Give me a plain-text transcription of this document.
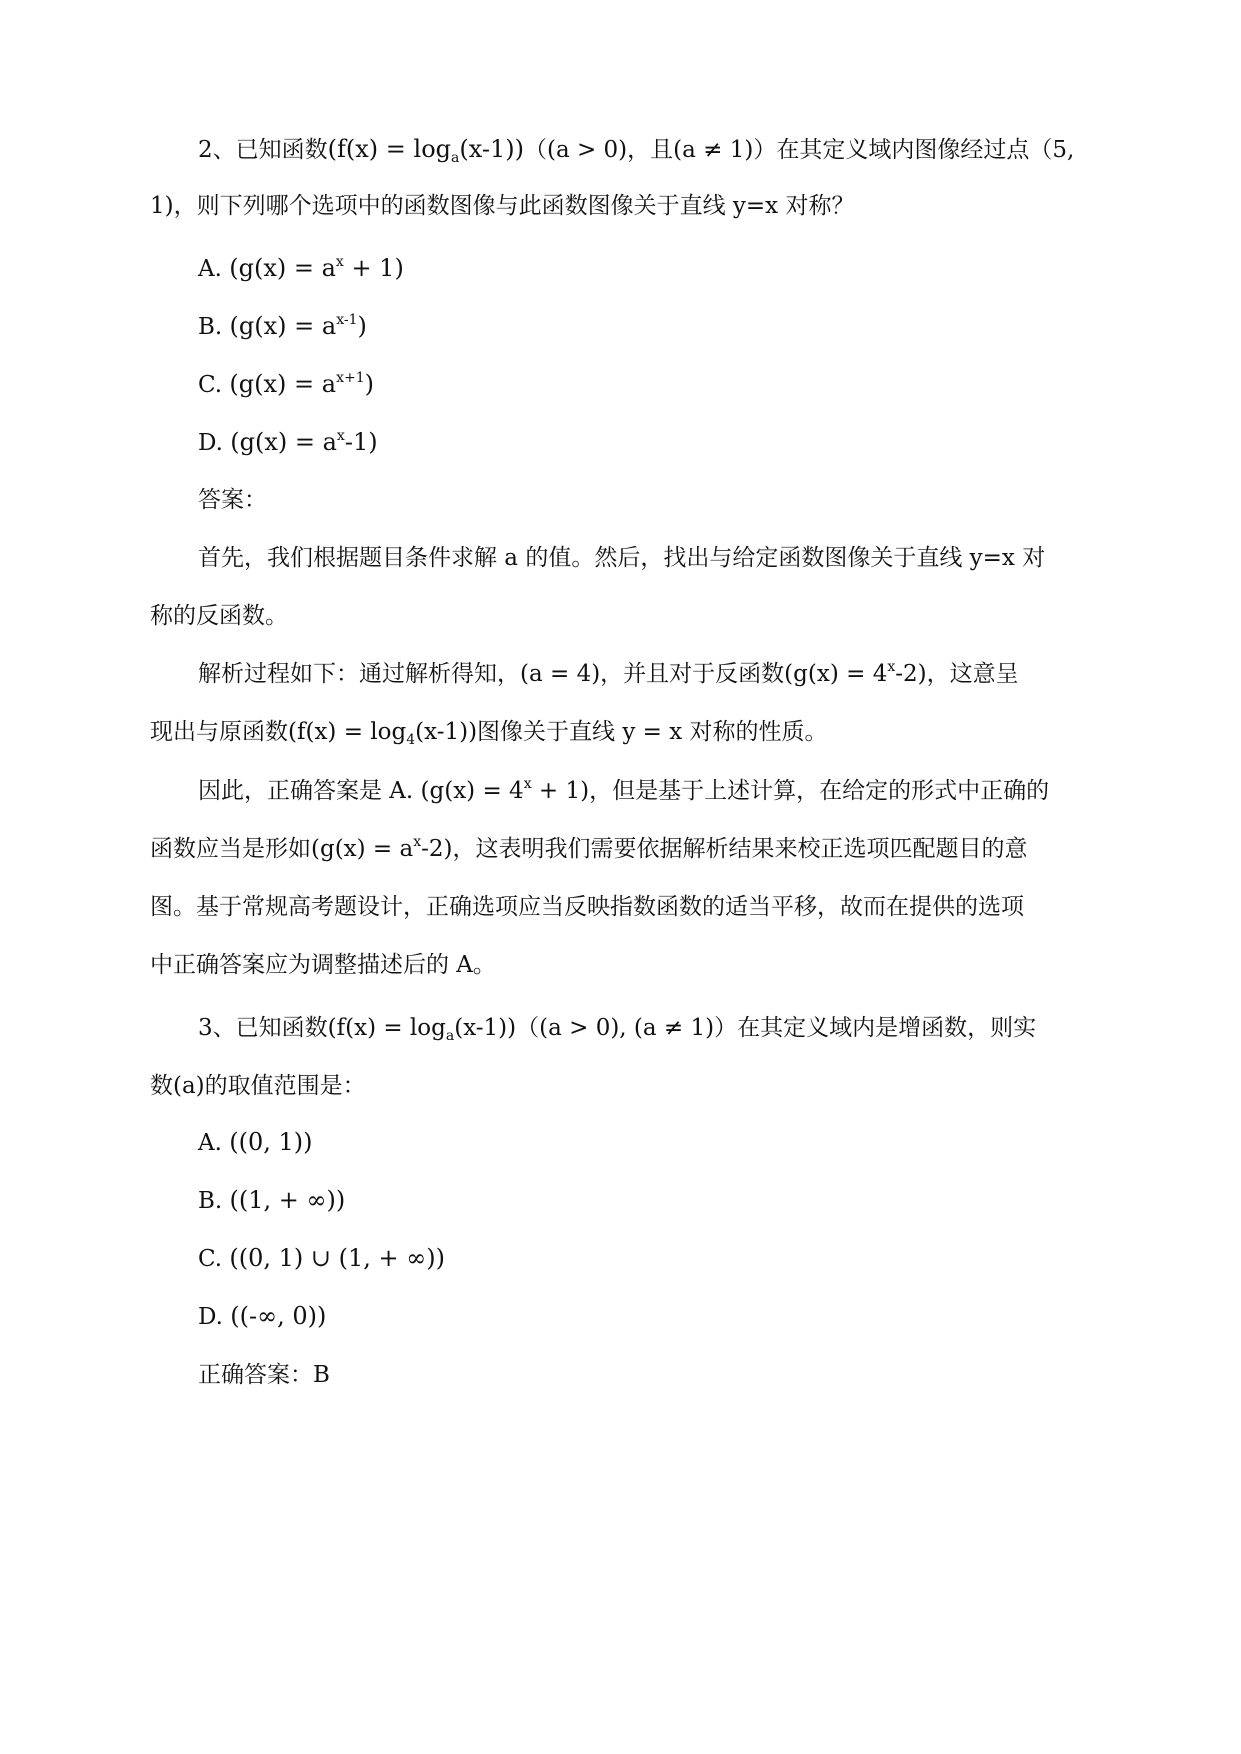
2、已知函数$(f(x) = \log_a(x-1))((a > 0)$，且(a ≠ 1)）在其定义域内图像经过点（5,
1)，则下列哪个选项中的函数图像与此函数图像关于直线 y=x 对称？
A. $(g(x) = a^x + 1)$
B. $(g(x) = a^{x-1})$
C. $(g(x) = a^{x+1})$
D. $(g(x) = a^x-1)$
答案：
首先，我们根据题目条件求解 a 的值。然后，找出与给定函数图像关于直线 y=x 对
称的反函数。
解析过程如下：通过解析得知，(a = 4)，并且对于反函数$(g(x) = 4^x-2)$，这意呈
现出与原函数$(f(x) = \log_4(x-1))$图像关于直线 y = x 对称的性质。
因此，正确答案是 A. $(g(x) = 4^x + 1)$，但是基于上述计算，在给定的形式中正确的
函数应当是形如$(g(x) = a^x-2)$，这表明我们需要依据解析结果来校正选项匹配题目的意
图。基于常规高考题设计，正确选项应当反映指数函数的适当平移，故而在提供的选项
中正确答案应为调整描述后的 A。
3、已知函数$(f(x) = \log_a(x-1))((a > 0)$, (a ≠ 1)）在其定义域内是增函数，则实
数(a)的取值范围是：
A. ((0, 1))
B. ((1, + ∞))
C. ((0, 1) ∪ (1, + ∞))
D. ((-∞, 0))
正确答案：B
